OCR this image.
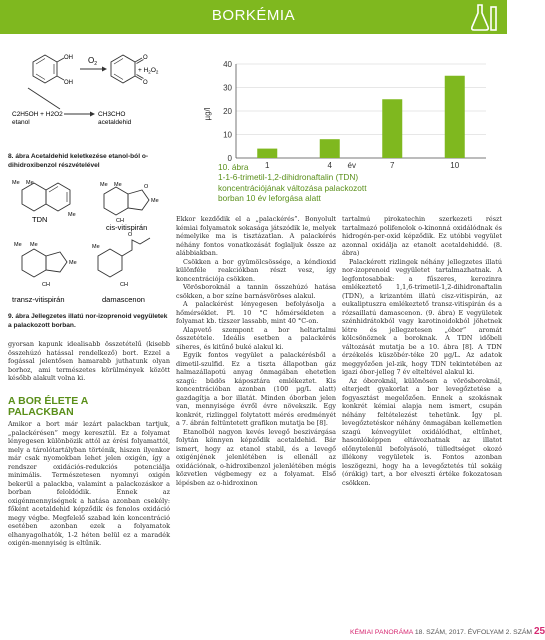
BORKÉMIA
OH
OH
$O_2$
O
O
+ $H_2O_2$
C2H5OH + H2O2
etanol
CH3CHO
acetaldehid
8. ábra Acetaldehid keletkezése etanol-ból o-dihidroxibenzol részvételével
Me Me
Me
TDN
Me Me
Me
O
CH
cis-vitispirán
Me Me
Me
CH
transz-vitispirán
Me
O
CH
damascenon
9. ábra Jellegzetes illatú nor-izoprenoid vegyületek a palackozott borban.

gyorsan kapunk idealisabb összetételű (kisebb összehúzó hatással rendelkező) bort. Ezzel a fogással jelentősen hamarabb juthatunk olyan borhoz, ami természetes körülmények között később alakult volna ki.

A BOR ÉLETE A
PALACKBAN

Amikor a bort már lezárt palackban tartjuk, „palackérésen” megy keresztül. Ez a folyamat lényegesen különbözik attól az érési folyamattól, mely a tárolótartályban történik, hiszen ilyenkor már csak nyomokban lehet jelen oxigén, így a rendszer oxidációs-redukciós potenciálja minimális. Természetesen nyomnyi oxigén bekerül a palackba, valamint a palackozáskor a borban feloldódik. Ennek az oxigénmennyiségnek a hatása azonban csekély: főként acetaldehid képződik és fenolos oxidáció megy végbe. Megfelelő szabad kén koncentráció esetében azonban ezek a folyamatok elhanyagolhatók, 1-2 héten belül ez a maradék oxigén-mennyiség is eltűnik.

0
10
20
30
40
µg/l
1	4	7	10
év
10. ábra
1-1-6-trimetil-1,2-dihidronaftalin (TDN)
koncentrációjának változása palackozott
borban 10 év leforgása alatt

Ekkor kezdődik el a „palackérés”. Bonyolult kémiai folyamatok sokasága játszódik le, melyek némelyike ma is tisztázatlan. A palackérés néhány fontos vonatkozását foglaljuk össze az alábbiakban.

Csökken a bor gyümölcsössége, a kéndioxid különféle reakciókban részt vesz, így koncentrációja csökken.

Vörösboroknál a tannin összehúzó hatása csökken, a bor színe barnásvöröses alakul.

A palackérést lényegesen befolyásolja a hőmérséklet. Pl. 10 °C hőmérsékleten a folyamat kb. tízszer lassabb, mint 40 °C-on.

Alapvető szempont a bor heltartalmi összetétele. Ideális esetben a palackérés siheres, és kitűnő buké alakul ki.

Egyik fontos vegyület a palackérésből a dimetil-szulfid. Ez a tiszta állapotban gáz halmazállapotú anyag önmagában ehetetlen szagú: büdös káposztára emlékeztet. Kis koncentrációban azonban (100 µg/L alatt) gazdagítja a bor illatát. Minden óborban jelen van, mennyisége évről évre növekszik. Egy konkrét, rizlinggel folytatott mérés eredményét a 7. ábrán feltüntetett grafikon mutatja be [8].

Etanolból nagyon kevés levegő beszivárgása folytán könnyen képződik acetaldehid. Bár ismert, hogy az etanol stabil, és a levegő oxigénjének jelenlétében is ellenáll az oxidációnak, o-hidroxibenzol jelenlétében mégis közvetlen végbemegy ez a folyamat. Első lépésben az o-hidroxinon

tartalmú pirokatechin szerkezeti részt tartalmazó polifenolok o-kinonná oxidálódnak és hidrogén-per-oxid képződik. Ez utóbbi vegyület azonnal oxidálja az etanolt acetaldehiddé. (8. ábra)

Palackérett rizlingek néhány jellegzetes illatú nor-izoprenoid vegyületet tartalmazhatnak. A legfontosabbak: a fűszeres, kerozinra emlékeztető 1,1,6-trimetil-1,2-dihidronaftalin (TDN), a krizantém illatú cisz-vitispirán, az eukaliptuszra emlékeztető transz-vitispirán és a rózsaillatú damascenon. (9. ábra) E vegyületek szénhidrátokból vagy karotinoidokból jöhetnek létre és jellegzetesen „óbor” aromát kölcsönöznek a boroknak. A TDN időbeli változását mutatja be a 10. ábra [8]. A TDN érzékelés küszöbér-téke 20 µg/L. Az adatok meggyőzően jel-zik, hogy TDN tekintetében az igazi óbor-jelleg 7 év elteltével alakul ki.

Az óboroknál, különösen a vörösboroknál, elterjedt gyakorlat a bor levegőztetése a fogyasztást megelőzően. Ennek a szokásnak konkrét kémiai alapja nem ismert, csupán néhány feltételezést tehetünk. Így pl. levegőztetéskor néhány önmagában kellemetlen szagú kénvegyület oxidálódhat, eltűnhet, hasonlóképpen eltávozhatnak az illatot előnytelenül befolyásoló, túlledtséget okozó illékony vegyületek is. Fontos azonban leszögezni, hogy ha a levegőztetés túl sokáig (órákig) tart, a bor elveszti értéke fokozatosan csökken.

KÉMIAI PANORÁMA 18. SZÁM, 2017. ÉVFOLYAM 2. SZÁM 25
